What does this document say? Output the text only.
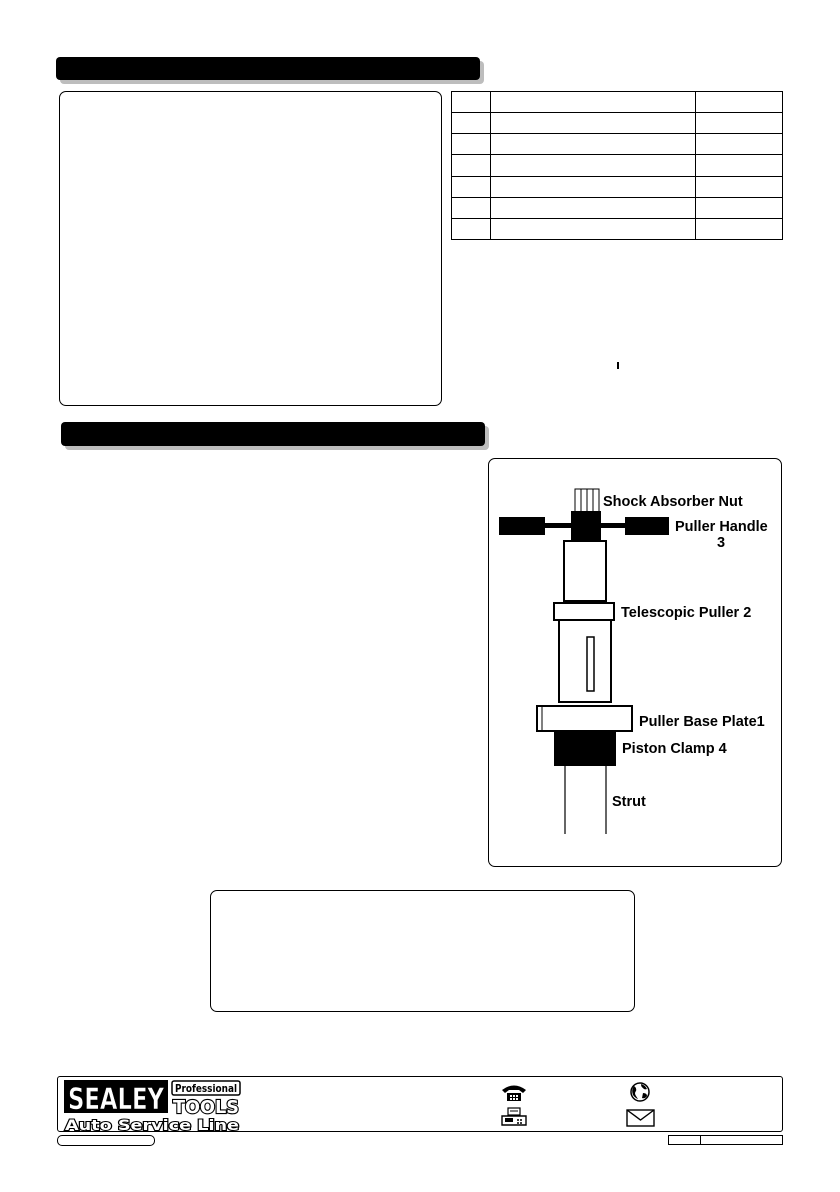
Shock Absorber Nut
Puller Handle
3
Telescopic Puller 2
Puller Base Plate1
Piston Clamp 4
Strut
SEALEY Professional
TOOLS
Auto Service Line
